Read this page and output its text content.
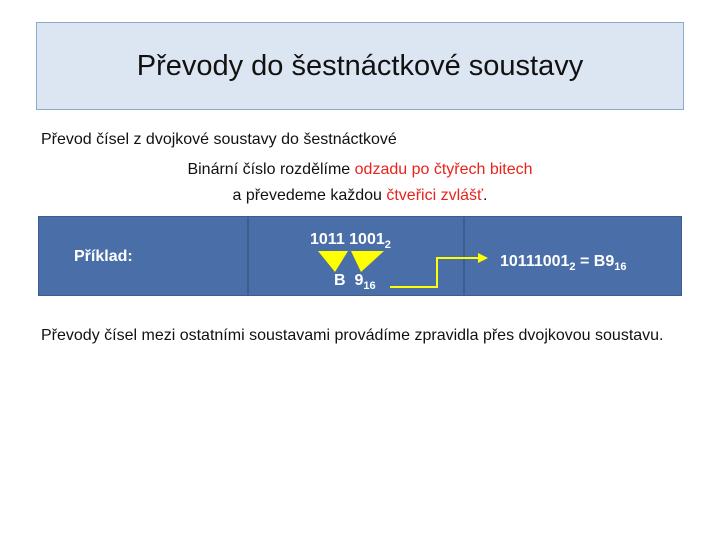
Převody do šestnáctkové soustavy
Převod čísel z dvojkové soustavy do šestnáctkové
Binární číslo rozdělíme odzadu po čtyřech bitech
a převedeme každou čtveřici zvlášť.
Příklad:
1011 $1001_2$
B  $9_{16}$
$10111001_2 = B9_{16}$
Převody čísel mezi ostatními soustavami provádíme zpravidla přes dvojkovou soustavu.
